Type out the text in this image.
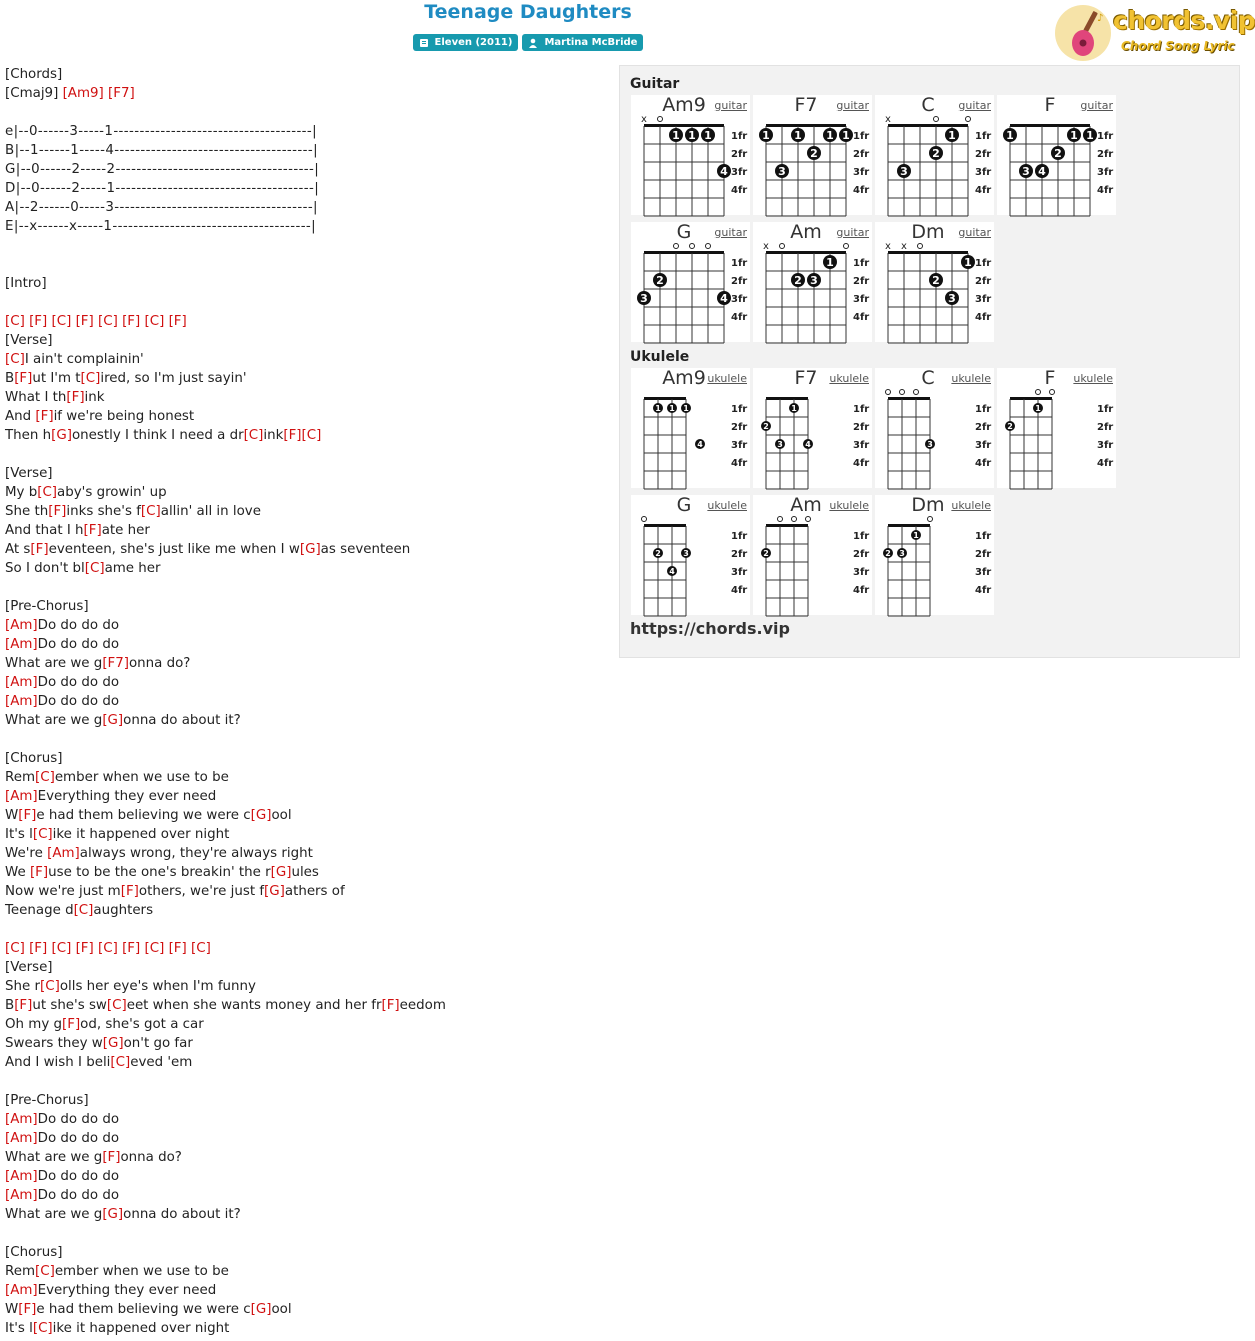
Teenage Daughters
Eleven (2011)
	Martina McBride
♪ chords.vip
Chord Song Lyric
[Chords]
[Cmaj9] [Am9] [F7]
e|--0------3-----1--------------------------------------|
B|--1------1-----4--------------------------------------|
G|--0------2-----2--------------------------------------|
D|--0------2-----1--------------------------------------|
A|--2------0-----3--------------------------------------|
E|--x------x-----1--------------------------------------|
[Intro]
[C] [F] [C] [F] [C] [F] [C] [F]
[Verse]
[C]I ain't complainin'
B[F]ut I'm t[C]ired, so I'm just sayin'
What I th[F]ink
And [F]if we're being honest
Then h[G]onestly I think I need a dr[C]ink[F][C]
[Verse]
My b[C]aby's growin' up
She th[F]inks she's f[C]allin' all in love
And that I h[F]ate her
At s[F]eventeen, she's just like me when I w[G]as seventeen
So I don't bl[C]ame her
[Pre-Chorus]
[Am]Do do do do
[Am]Do do do do
What are we g[F7]onna do?
[Am]Do do do do
[Am]Do do do do
What are we g[G]onna do about it?
[Chorus]
Rem[C]ember when we use to be
[Am]Everything they ever need
W[F]e had them believing we were c[G]ool
It's l[C]ike it happened over night
We're [Am]always wrong, they're always right
We [F]use to be the one's breakin' the r[G]ules
Now we're just m[F]others, we're just f[G]athers of
Teenage d[C]aughters
[C] [F] [C] [F] [C] [F] [C] [F] [C]
[Verse]
She r[C]olls her eye's when I'm funny
B[F]ut she's sw[C]eet when she wants money and her fr[F]eedom
Oh my g[F]od, she's got a car
Swears they w[G]on't go far
And I wish I beli[C]eved 'em
[Pre-Chorus]
[Am]Do do do do
[Am]Do do do do
What are we g[F]onna do?
[Am]Do do do do
[Am]Do do do do
What are we g[G]onna do about it?
[Chorus]
Rem[C]ember when we use to be
[Am]Everything they ever need
W[F]e had them believing we were c[G]ool
It's l[C]ike it happened over night
Guitar
Ukulele
x
1 1 1
4
1fr
2fr
3fr
4fr
Am9 guitar
1 1 1 1
2
3
1fr
2fr
3fr
4fr
F7	guitar
x
1
2
3
1fr
2fr
3fr
4fr
C	guitar
1	1 1
2
3 4
1fr
2fr
3fr
4fr
F	guitar
2
3	4
1fr
2fr
3fr
4fr
G	guitar
x
1
2 3
1fr
2fr
3fr
4fr
Am	guitar
x x
1
2
3
1fr
2fr
3fr
4fr
Dm	guitar
1 1 1
4
1fr
2fr
3fr
4fr
Am9 ukulele
1
2
3	4
1fr
2fr
3fr
4fr
F7	ukulele
3
1fr
2fr
3fr
4fr
C	ukulele
1
2
1fr
2fr
3fr
4fr
F	ukulele
2	3
4
1fr
2fr
3fr
4fr
G	ukulele
2
1fr
2fr
3fr
4fr
Am ukulele
1
2 3
1fr
2fr
3fr
4fr
Dm ukulele
https://chords.vip
